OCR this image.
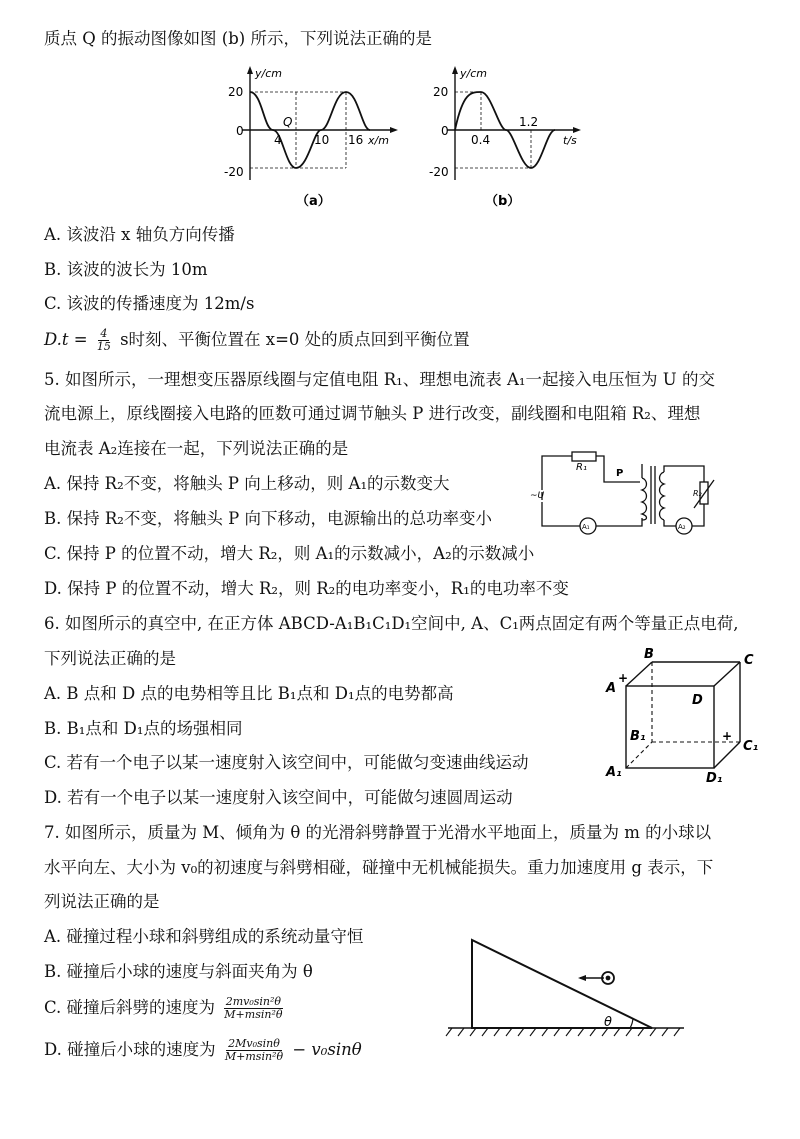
质点 Q 的振动图像如图 (b) 所示，下列说法正确的是
y/cm
x/m
20
0
-20
4
Q
10 16
（a）
y/cm
t/s
20
0
-20
0.4
1.2
（b）
A. 该波沿 x 轴负方向传播
B. 该波的波长为 10m
C. 该波的传播速度为 12m/s
$D.t = \frac{4}{15}$ s时刻、平衡位置在 x=0 处的质点回到平衡位置
5. 如图所示，一理想变压器原线圈与定值电阻 R₁、理想电流表 A₁一起接入电压恒为 U 的交
流电源上，原线圈接入电路的匝数可通过调节触头 P 进行改变，副线圈和电阻箱 R₂、理想
电流表 A₂连接在一起，下列说法正确的是
A. 保持 R₂不变，将触头 P 向上移动，则 A₁的示数变大
B. 保持 R₂不变，将触头 P 向下移动，电源输出的总功率变小
C. 保持 P 的位置不动，增大 R₂，则 A₁的示数减小，A₂的示数减小
D. 保持 P 的位置不动，增大 R₂，则 R₂的电功率变小，R₁的电功率不变
R₁
P
~U	R₂
A₁	A₂
6. 如图所示的真空中, 在正方体 ABCD-A₁B₁C₁D₁空间中, A、C₁两点固定有两个等量正点电荷,
下列说法正确的是
A. B 点和 D 点的电势相等且比 B₁点和 D₁点的电势都高
B. B₁点和 D₁点的场强相同
C. 若有一个电子以某一速度射入该空间中，可能做匀变速曲线运动
D. 若有一个电子以某一速度射入该空间中，可能做匀速圆周运动
B	C
A
+
D
B₁	+
C₁
A₁	D₁
7. 如图所示，质量为 M、倾角为 θ 的光滑斜劈静置于光滑水平地面上，质量为 m 的小球以
水平向左、大小为 v₀的初速度与斜劈相碰，碰撞中无机械能损失。重力加速度用 g 表示，下
列说法正确的是
A. 碰撞过程小球和斜劈组成的系统动量守恒
B. 碰撞后小球的速度与斜面夹角为 θ
C. 碰撞后斜劈的速度为 $\frac{\text{2mv₀sin²θ}}{\text{M+msin²θ}}$
D. 碰撞后小球的速度为 $\frac{\text{2Mv₀sinθ}}{\text{M+msin²θ}} - v_0\sin\theta$
θ
